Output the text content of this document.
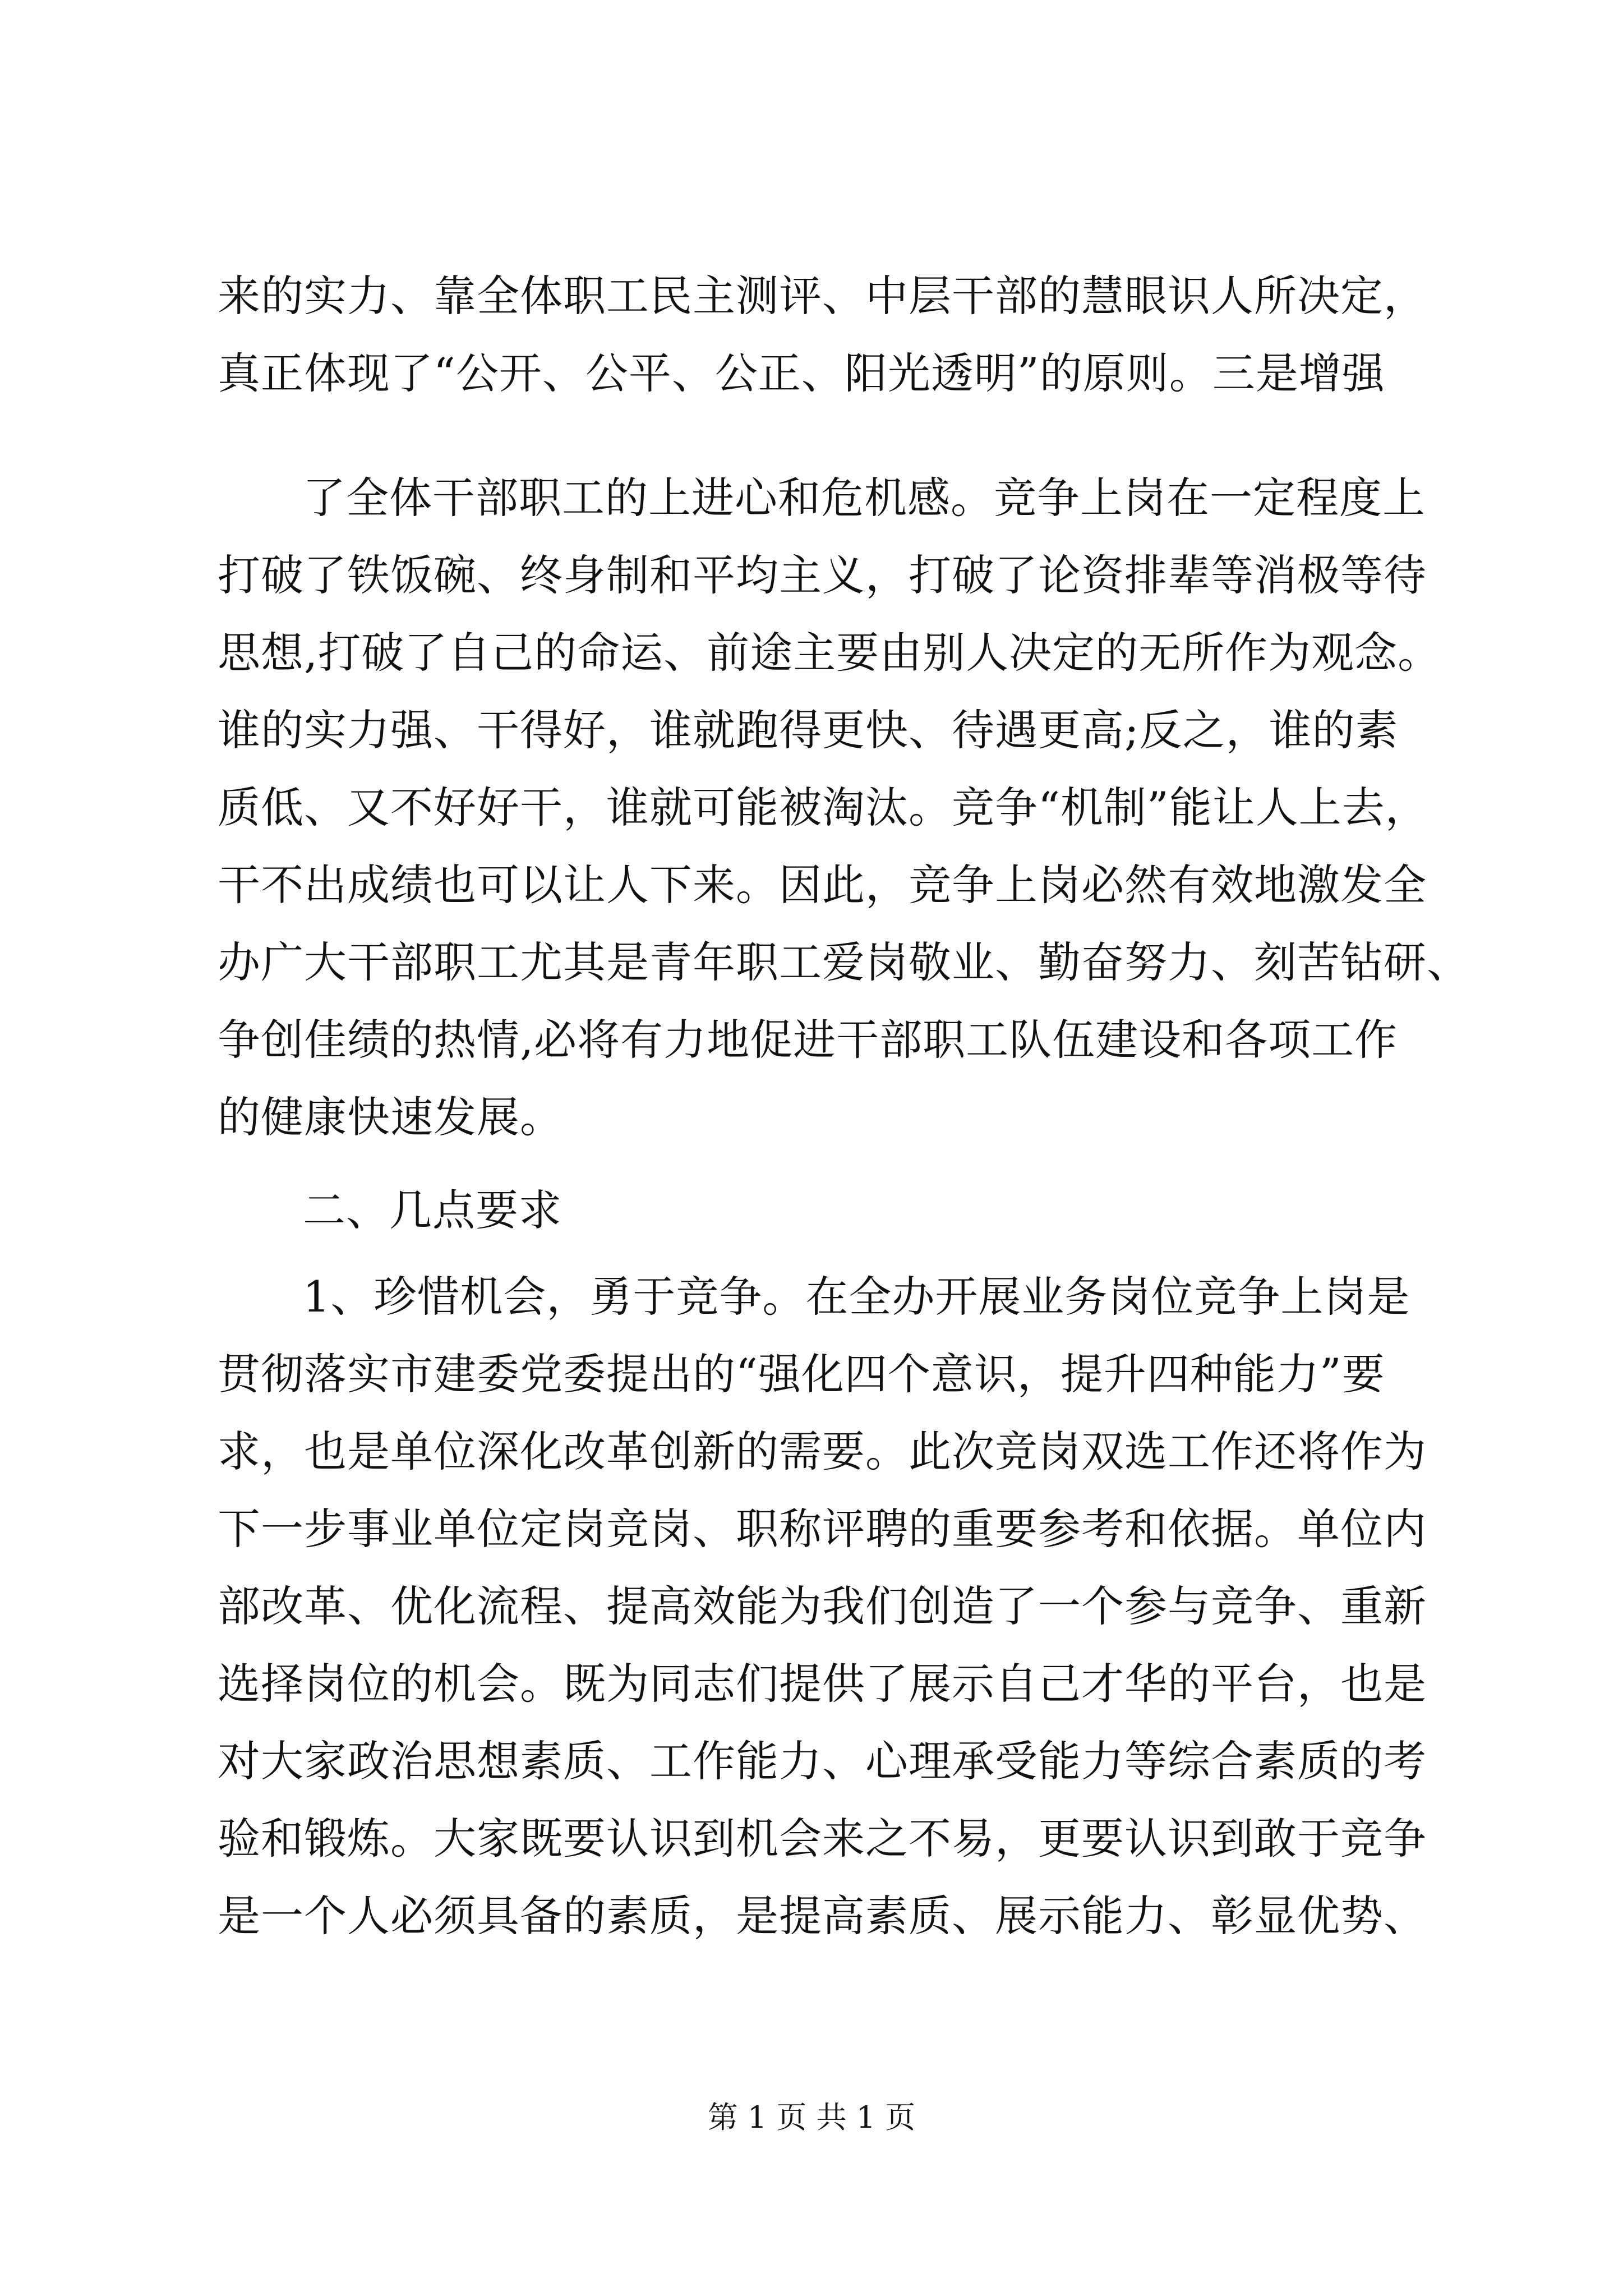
来的实力、靠全体职工民主测评、中层干部的慧眼识人所决定，
真正体现了“公开、公平、公正、阳光透明”的原则。三是增强
了全体干部职工的上进心和危机感。竞争上岗在一定程度上
打破了铁饭碗、终身制和平均主义，打破了论资排辈等消极等待
思想,打破了自己的命运、前途主要由别人决定的无所作为观念。
谁的实力强、干得好，谁就跑得更快、待遇更高;反之，谁的素
质低、又不好好干，谁就可能被淘汰。竞争“机制”能让人上去，
干不出成绩也可以让人下来。因此，竞争上岗必然有效地激发全
办广大干部职工尤其是青年职工爱岗敬业、勤奋努力、刻苦钻研、
争创佳绩的热情,必将有力地促进干部职工队伍建设和各项工作
的健康快速发展。
二、几点要求
1、珍惜机会，勇于竞争。在全办开展业务岗位竞争上岗是
贯彻落实市建委党委提出的“强化四个意识，提升四种能力”要
求，也是单位深化改革创新的需要。此次竞岗双选工作还将作为
下一步事业单位定岗竞岗、职称评聘的重要参考和依据。单位内
部改革、优化流程、提高效能为我们创造了一个参与竞争、重新
选择岗位的机会。既为同志们提供了展示自己才华的平台，也是
对大家政治思想素质、工作能力、心理承受能力等综合素质的考
验和锻炼。大家既要认识到机会来之不易，更要认识到敢于竞争
是一个人必须具备的素质，是提高素质、展示能力、彰显优势、
第 1 页 共 1 页
